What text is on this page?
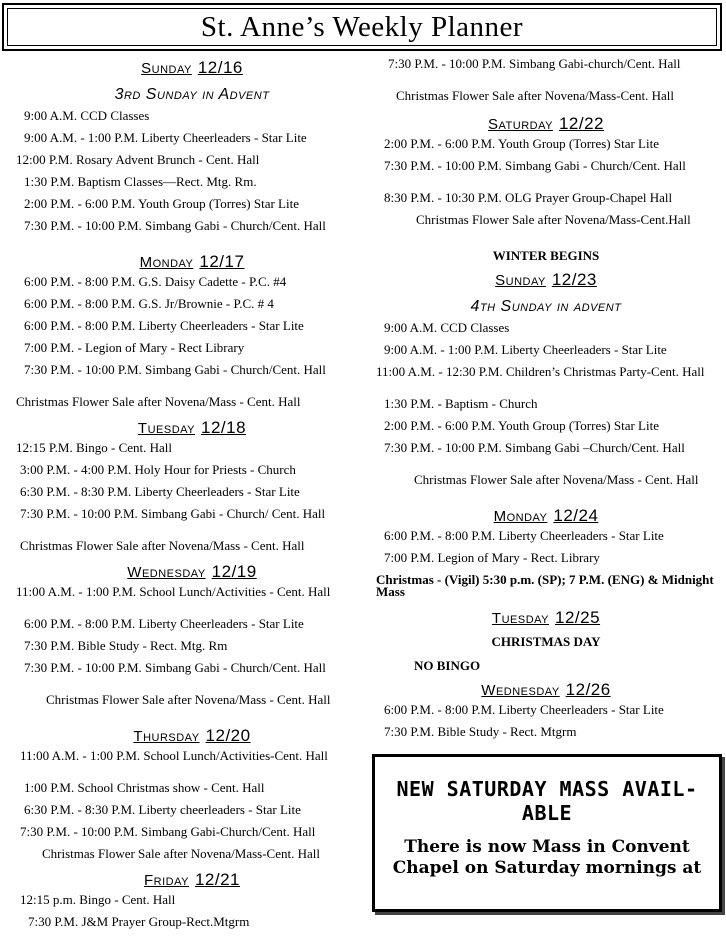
St. Anne’s Weekly Planner
Sunday 12/16
3rd Sunday in Advent
9:00 A.M. CCD Classes
9:00 A.M. - 1:00 P.M. Liberty Cheerleaders - Star Lite
12:00 P.M. Rosary Advent Brunch - Cent. Hall
1:30 P.M. Baptism Classes—Rect. Mtg. Rm.
2:00 P.M. - 6:00 P.M. Youth Group (Torres) Star Lite
7:30 P.M. - 10:00 P.M. Simbang Gabi - Church/Cent. Hall
Monday 12/17
6:00 P.M. - 8:00 P.M. G.S. Daisy Cadette - P.C. #4
6:00 P.M. - 8:00 P.M. G.S. Jr/Brownie - P.C. # 4
6:00 P.M. - 8:00 P.M. Liberty Cheerleaders - Star Lite
7:00 P.M. - Legion of Mary - Rect Library
7:30 P.M. - 10:00 P.M. Simbang Gabi - Church/Cent. Hall
Christmas Flower Sale after Novena/Mass - Cent. Hall
Tuesday 12/18
12:15 P.M. Bingo - Cent. Hall
3:00 P.M. - 4:00 P.M. Holy Hour for Priests - Church
6:30 P.M. - 8:30 P.M. Liberty Cheerleaders - Star Lite
7:30 P.M. - 10:00 P.M. Simbang Gabi - Church/ Cent. Hall
Christmas Flower Sale after Novena/Mass - Cent. Hall
Wednesday 12/19
11:00 A.M. - 1:00 P.M. School Lunch/Activities - Cent. Hall
6:00 P.M. - 8:00 P.M. Liberty Cheerleaders - Star Lite
7:30 P.M. Bible Study - Rect. Mtg. Rm
7:30 P.M. - 10:00 P.M. Simbang Gabi - Church/Cent. Hall
Christmas Flower Sale after Novena/Mass - Cent. Hall
Thursday 12/20
11:00 A.M. - 1:00 P.M. School Lunch/Activities-Cent. Hall
1:00 P.M. School Christmas show - Cent. Hall
6:30 P.M. - 8:30 P.M. Liberty cheerleaders - Star Lite
7:30 P.M. - 10:00 P.M. Simbang Gabi-Church/Cent. Hall
Christmas Flower Sale after Novena/Mass-Cent. Hall
Friday 12/21
12:15 p.m. Bingo - Cent. Hall
7:30 P.M. J&M Prayer Group-Rect.Mtgrm
7:30 P.M. - 10:00 P.M. Simbang Gabi-church/Cent. Hall
Christmas Flower Sale after Novena/Mass-Cent. Hall
Saturday 12/22
2:00 P.M. - 6:00 P.M. Youth Group (Torres) Star Lite
7:30 P.M. - 10:00 P.M. Simbang Gabi - Church/Cent. Hall
8:30 P.M. - 10:30 P.M. OLG Prayer Group-Chapel Hall
Christmas Flower Sale after Novena/Mass-Cent.Hall
WINTER BEGINS
Sunday 12/23
4th Sunday in advent
9:00 A.M. CCD Classes
9:00 A.M. - 1:00 P.M. Liberty Cheerleaders - Star Lite
11:00 A.M. - 12:30 P.M. Children’s Christmas Party-Cent. Hall
1:30 P.M. - Baptism - Church
2:00 P.M. - 6:00 P.M. Youth Group (Torres) Star Lite
7:30 P.M. - 10:00 P.M. Simbang Gabi –Church/Cent. Hall
Christmas Flower Sale after Novena/Mass - Cent. Hall
Monday 12/24
6:00 P.M. - 8:00 P.M. Liberty Cheerleaders - Star Lite
7:00 P.M. Legion of Mary - Rect. Library
Christmas - (Vigil) 5:30 p.m. (SP); 7 P.M. (ENG) & Midnight Mass
Tuesday 12/25
CHRISTMAS DAY
NO BINGO
Wednesday 12/26
6:00 P.M. - 8:00 P.M. Liberty Cheerleaders - Star Lite
7:30 P.M. Bible Study - Rect. Mtgrm
NEW SATURDAY MASS AVAIL-ABLE
There is now Mass in Convent Chapel on Saturday mornings at
